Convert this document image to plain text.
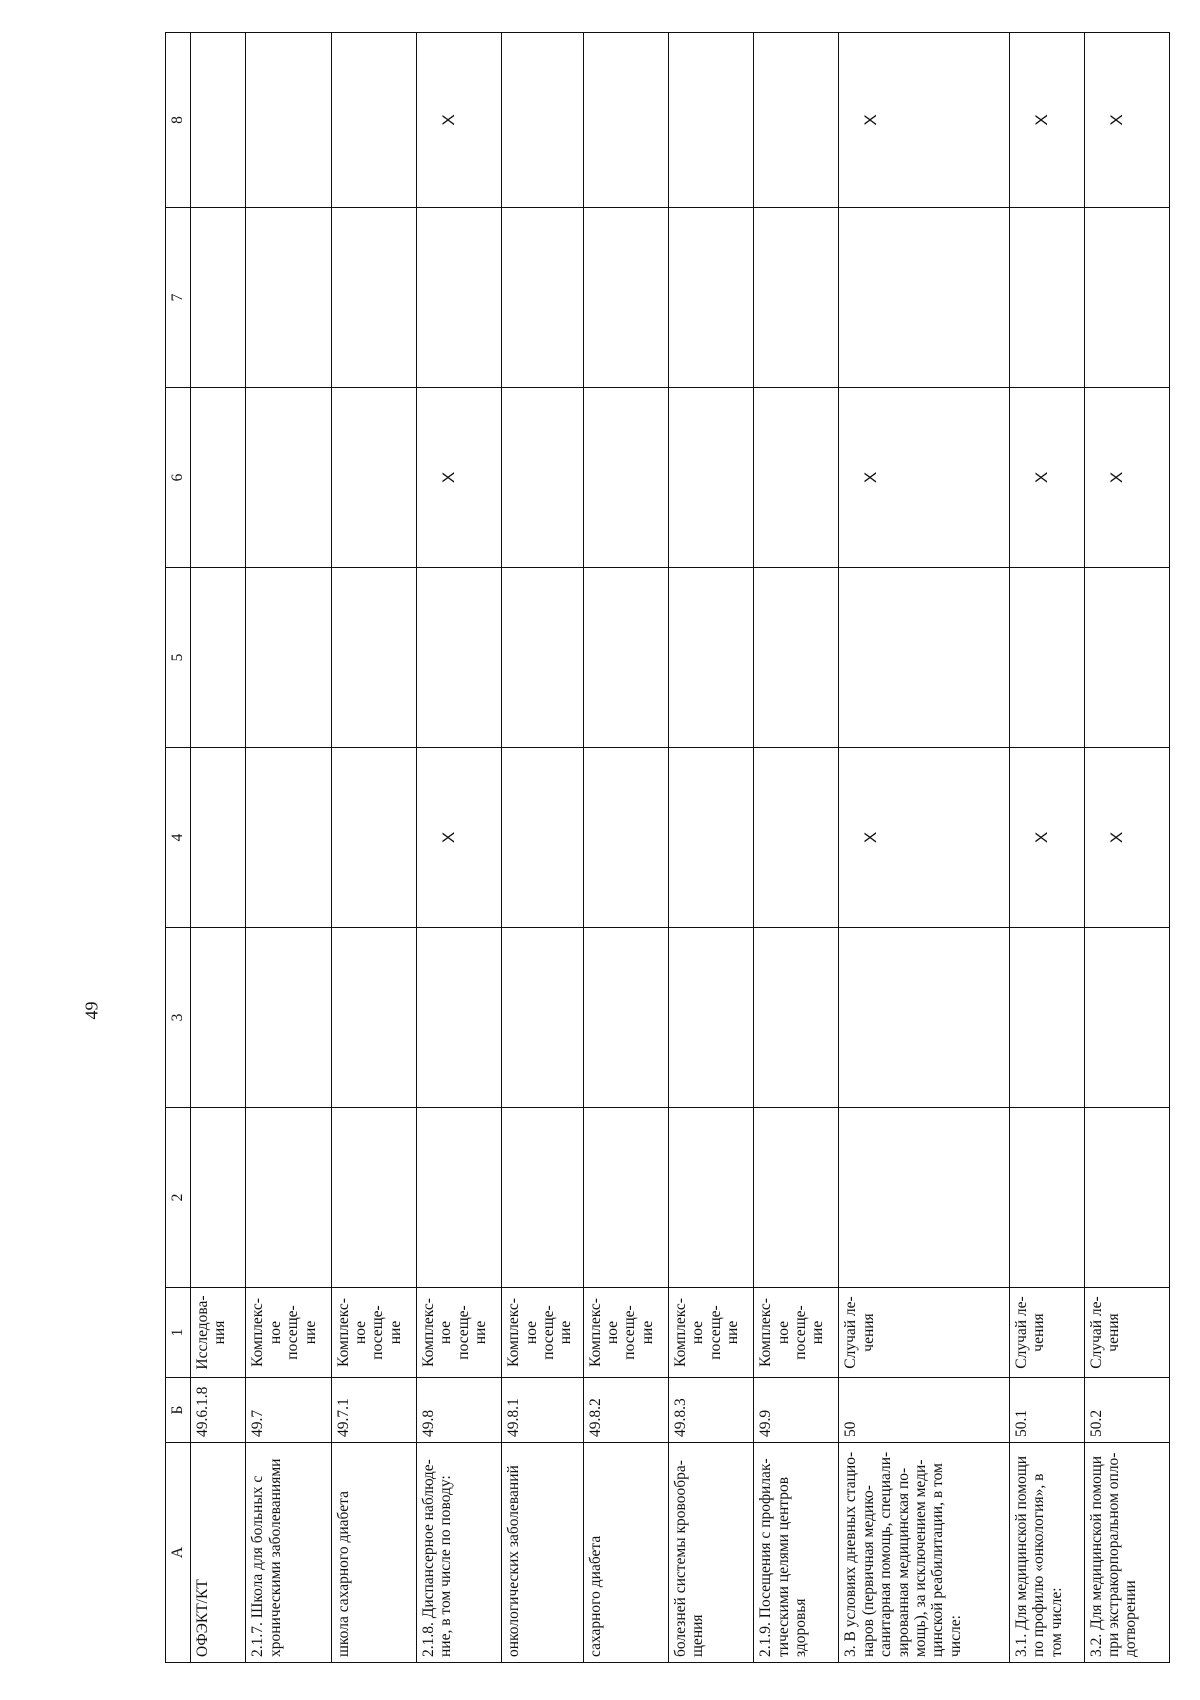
49
А	Б	1	2	3	4	5	6	7	8
ОФЭКТ/КТ	49.6.1.8	Исследова-
ния							
2.1.7. Школа для больных с хроническими заболеваниями	49.7	Комплекс-
ное посеще-
ние							
школа сахарного диабета	49.7.1	Комплекс-
ное посеще-
ние							
2.1.8. Диспансерное наблюде-ние, в том числе по поводу:	49.8	Комплекс-
ное посеще-
ние			X		X		X
онкологических заболеваний	49.8.1	Комплекс-
ное посеще-
ние							
сахарного диабета	49.8.2	Комплекс-
ное посеще-
ние							
болезней системы кровообра-щения	49.8.3	Комплекс-
ное посеще-
ние							
2.1.9. Посещения с профилак-тическими целями центров здоровья	49.9	Комплекс-
ное посеще-
ние							
3. В условиях дневных стацио-наров (первичная медико-санитарная помощь, специали-зированная медицинская по-мощь), за исключением меди-цинской реабилитации, в том числе:	50	Случай ле-
чения			X		X		X
3.1. Для медицинской помощи по профилю «онкология», в том числе:	50.1	Случай ле-
чения			X		X		X
3.2. Для медицинской помощи при экстракорпоральном опло-дотворении	50.2	Случай ле-
чения			X		X		X
